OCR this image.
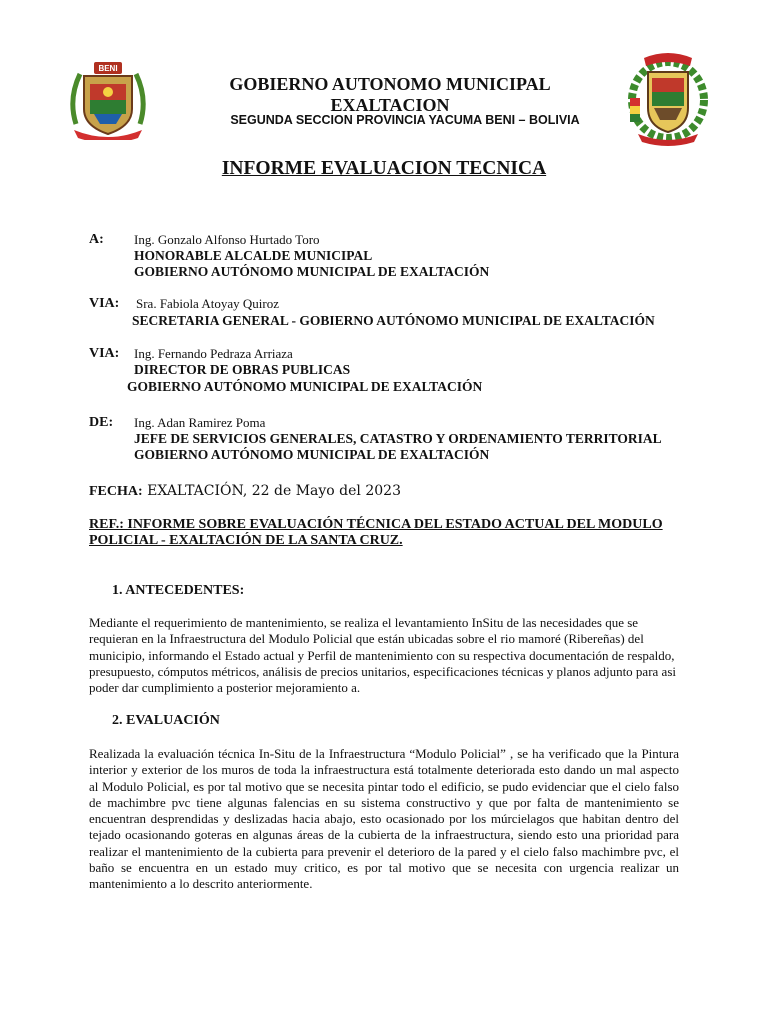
BENI
GOBIERNO AUTONOMO MUNICIPAL
EXALTACION
SEGUNDA SECCION PROVINCIA YACUMA BENI – BOLIVIA
INFORME EVALUACION TECNICA
A: Ing. Gonzalo Alfonso Hurtado Toro
HONORABLE ALCALDE MUNICIPAL
GOBIERNO AUTÓNOMO MUNICIPAL DE EXALTACIÓN
VIA: Sra. Fabiola Atoyay Quiroz
SECRETARIA GENERAL - GOBIERNO AUTÓNOMO MUNICIPAL DE EXALTACIÓN
VIA: Ing. Fernando Pedraza Arriaza
DIRECTOR DE OBRAS PUBLICAS
GOBIERNO AUTÓNOMO MUNICIPAL DE EXALTACIÓN
DE: Ing. Adan Ramirez Poma
JEFE DE SERVICIOS GENERALES, CATASTRO Y ORDENAMIENTO TERRITORIAL
GOBIERNO AUTÓNOMO MUNICIPAL DE EXALTACIÓN
FECHA: EXALTACIÓN, 22 de Mayo del 2023
REF.: INFORME SOBRE EVALUACIÓN TÉCNICA DEL ESTADO ACTUAL DEL MODULO POLICIAL - EXALTACIÓN DE LA SANTA CRUZ.
1. ANTECEDENTES:
Mediante el requerimiento de mantenimiento, se realiza el levantamiento InSitu de las necesidades que se requieran en la Infraestructura del Modulo Policial que están ubicadas sobre el rio mamoré (Ribereñas) del municipio, informando el Estado actual y Perfil de mantenimiento con su respectiva documentación de respaldo, presupuesto, cómputos métricos, análisis de precios unitarios, especificaciones técnicas y planos adjunto para asi poder dar cumplimiento a posterior mejoramiento a.
2. EVALUACIÓN
Realizada la evaluación técnica In-Situ de la Infraestructura “Modulo Policial” , se ha verificado que la Pintura interior y exterior de los muros de toda la infraestructura está totalmente deteriorada esto dando un mal aspecto al Modulo Policial, es por tal motivo que se necesita pintar todo el edificio, se pudo evidenciar que el cielo falso de machimbre pvc tiene algunas falencias en su sistema constructivo y que por falta de mantenimiento se encuentran desprendidas y deslizadas hacia abajo, esto ocasionado por los múrcielagos que habitan dentro del tejado ocasionando goteras en algunas áreas de la cubierta de la infraestructura, siendo esto una prioridad para realizar el mantenimiento de la cubierta para prevenir el deterioro de la pared y el cielo falso machimbre pvc, el baño se encuentra en un estado muy critico, es por tal motivo que se necesita con urgencia realizar un mantenimiento a lo descrito anteriormente.
